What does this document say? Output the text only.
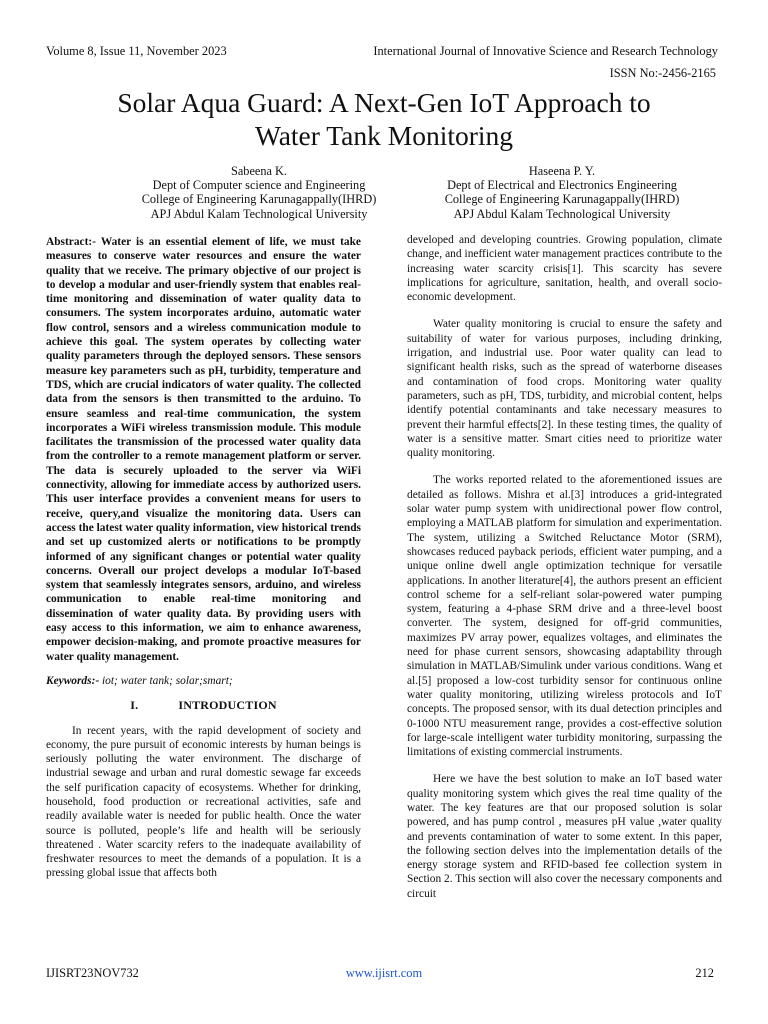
Volume 8, Issue 11, November 2023	International Journal of Innovative Science and Research Technology
ISSN No:-2456-2165
Solar Aqua Guard: A Next-Gen IoT Approach to
Water Tank Monitoring
Sabeena K.
Dept of Computer science and Engineering
College of Engineering Karunagappally(IHRD)
APJ Abdul Kalam Technological University
Haseena P. Y.
Dept of Electrical and Electronics Engineering
College of Engineering Karunagappally(IHRD)
APJ Abdul Kalam Technological University

Abstract:- Water is an essential element of life, we must take measures to conserve water resources and ensure the water quality that we receive. The primary objective of our project is to develop a modular and user-friendly system that enables real-time monitoring and dissemination of water quality data to consumers. The system incorporates arduino, automatic water flow control, sensors and a wireless communication module to achieve this goal. The system operates by collecting water quality parameters through the deployed sensors. These sensors measure key parameters such as pH, turbidity, temperature and TDS, which are crucial indicators of water quality. The collected data from the sensors is then transmitted to the arduino. To ensure seamless and real-time communication, the system incorporates a WiFi wireless transmission module. This module facilitates the transmission of the processed water quality data from the controller to a remote management platform or server. The data is securely uploaded to the server via WiFi connectivity, allowing for immediate access by authorized users. This user interface provides a convenient means for users to receive, query,and visualize the monitoring data. Users can access the latest water quality information, view historical trends and set up customized alerts or notifications to be promptly informed of any significant changes or potential water quality concerns. Overall our project develops a modular IoT-based system that seamlessly integrates sensors, arduino, and wireless communication to enable real-time monitoring and dissemination of water quality data. By providing users with easy access to this information, we aim to enhance awareness, empower decision-making, and promote proactive measures for water quality management.

Keywords:- iot; water tank; solar;smart;

I.	INTRODUCTION

In recent years, with the rapid development of society and economy, the pure pursuit of economic interests by human beings is seriously polluting the water environment. The discharge of industrial sewage and urban and rural domestic sewage far exceeds the self purification capacity of ecosystems. Whether for drinking, household, food production or recreational activities, safe and readily available water is needed for public health. Once the water source is polluted, people’s life and health will be seriously threatened . Water scarcity refers to the inadequate availability of freshwater resources to meet the demands of a population. It is a pressing global issue that affects both

developed and developing countries. Growing population, climate change, and inefficient water management practices contribute to the increasing water scarcity crisis[1]. This scarcity has severe implications for agriculture, sanitation, health, and overall socio-economic development.

Water quality monitoring is crucial to ensure the safety and suitability of water for various purposes, including drinking, irrigation, and industrial use. Poor water quality can lead to significant health risks, such as the spread of waterborne diseases and contamination of food crops. Monitoring water quality parameters, such as pH, TDS, turbidity, and microbial content, helps identify potential contaminants and take necessary measures to prevent their harmful effects[2]. In these testing times, the quality of water is a sensitive matter. Smart cities need to prioritize water quality monitoring.

The works reported related to the aforementioned issues are detailed as follows. Mishra et al.[3] introduces a grid-integrated solar water pump system with unidirectional power flow control, employing a MATLAB platform for simulation and experimentation. The system, utilizing a Switched Reluctance Motor (SRM), showcases reduced payback periods, efficient water pumping, and a unique online dwell angle optimization technique for versatile applications. In another literature[4], the authors present an efficient control scheme for a self-reliant solar-powered water pumping system, featuring a 4-phase SRM drive and a three-level boost converter. The system, designed for off-grid communities, maximizes PV array power, equalizes voltages, and eliminates the need for phase current sensors, showcasing adaptability through simulation in MATLAB/Simulink under various conditions. Wang et al.[5] proposed a low-cost turbidity sensor for continuous online water quality monitoring, utilizing wireless protocols and IoT concepts. The proposed sensor, with its dual detection principles and 0-1000 NTU measurement range, provides a cost-effective solution for large-scale intelligent water turbidity monitoring, surpassing the limitations of existing commercial instruments.

Here we have the best solution to make an IoT based water quality monitoring system which gives the real time quality of the water. The key features are that our proposed solution is solar powered, and has pump control , measures pH value ,water quality and prevents contamination of water to some extent. In this paper, the following section delves into the implementation details of the energy storage system and RFID-based fee collection system in Section 2. This section will also cover the necessary components and circuit

IJISRT23NOV732	www.ijisrt.com	212
